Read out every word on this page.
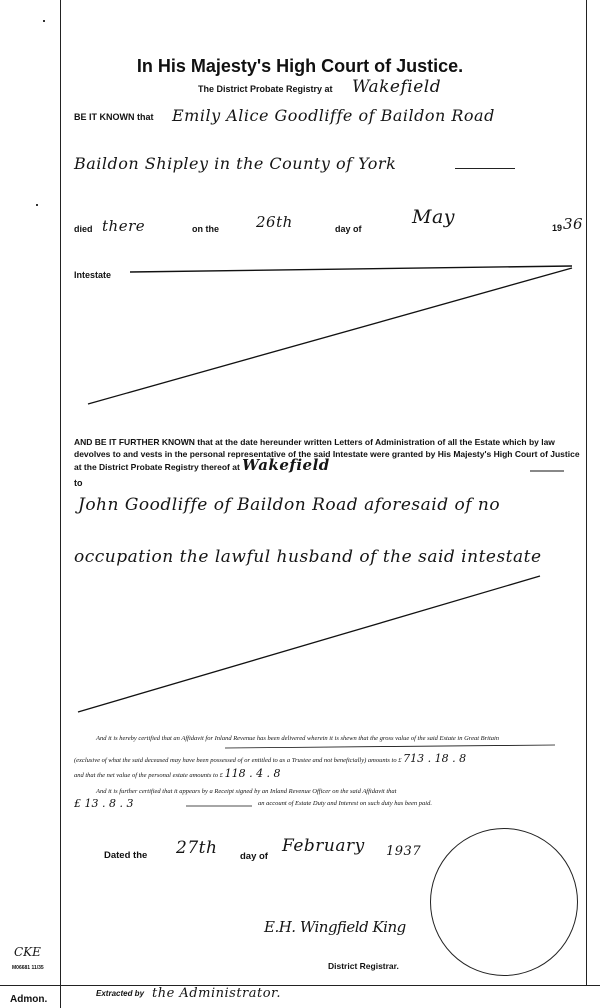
In His Majesty's High Court of Justice.
The District Probate Registry at Wakefield
BE IT KNOWN that Emily Alice Goodliffe of Baildon Road
Baildon Shipley in the County of York
died there	on the 26th	day of
May	19 36
Intestate
AND BE IT FURTHER KNOWN that at the date hereunder written Letters of Administration of all the Estate which by law devolves to and vests in the personal representative of the said Intestate were granted by His Majesty's High Court of Justice at the District Probate Registry thereof at Wakefield
to
John Goodliffe of Baildon Road aforesaid of no
occupation the lawful husband of the said intestate
And it is hereby certified that an Affidavit for Inland Revenue has been delivered wherein it is shewn that the gross value of the said Estate in Great Britain
(exclusive of what the said deceased may have been possessed of or entitled to as a Trustee and not beneficially) amounts to £ 713 . 18 . 8
and that the net value of the personal estate amounts to £ 118 . 4 . 8
And it is further certified that it appears by a Receipt signed by an Inland Revenue Officer on the said Affidavit that
£ 13 . 8 . 3	an account of Estate Duty and Interest on such duty has been paid.
Dated the 27th day of
February 1937
E.H. Wingfield King
District Registrar.
CKE
M06681 11/35
Admon.
Extracted by the Administrator.
